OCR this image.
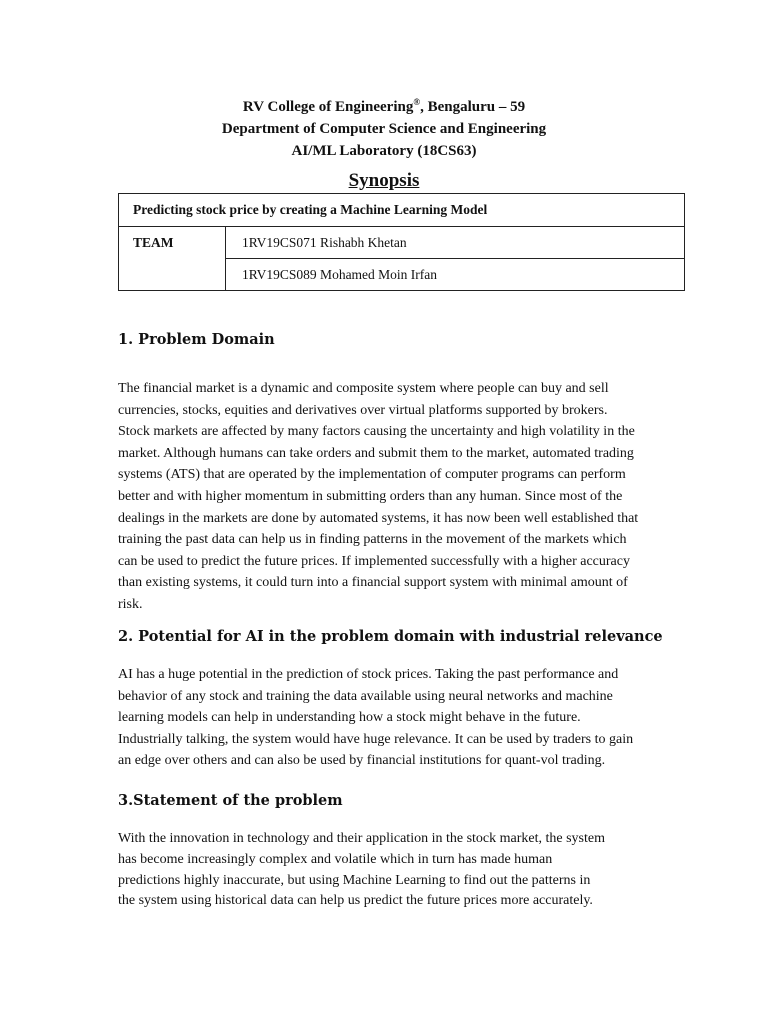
RV College of Engineering®, Bengaluru – 59
Department of Computer Science and Engineering
AI/ML Laboratory (18CS63)
Synopsis
Predicting stock price by creating a Machine Learning Model
TEAM	1RV19CS071 Rishabh Khetan
1RV19CS089 Mohamed Moin Irfan
1. Problem Domain
The financial market is a dynamic and composite system where people can buy and sell
currencies, stocks, equities and derivatives over virtual platforms supported by brokers.
Stock markets are affected by many factors causing the uncertainty and high volatility in the
market. Although humans can take orders and submit them to the market, automated trading
systems (ATS) that are operated by the implementation of computer programs can perform
better and with higher momentum in submitting orders than any human. Since most of the
dealings in the markets are done by automated systems, it has now been well established that
training the past data can help us in finding patterns in the movement of the markets which
can be used to predict the future prices. If implemented successfully with a higher accuracy
than existing systems, it could turn into a financial support system with minimal amount of
risk.
2. Potential for AI in the problem domain with industrial relevance
AI has a huge potential in the prediction of stock prices. Taking the past performance and
behavior of any stock and training the data available using neural networks and machine
learning models can help in understanding how a stock might behave in the future.
Industrially talking, the system would have huge relevance. It can be used by traders to gain
an edge over others and can also be used by financial institutions for quant-vol trading.
3.Statement of the problem
With the innovation in technology and their application in the stock market, the system
has become increasingly complex and volatile which in turn has made human
predictions highly inaccurate, but using Machine Learning to find out the patterns in
the system using historical data can help us predict the future prices more accurately.
